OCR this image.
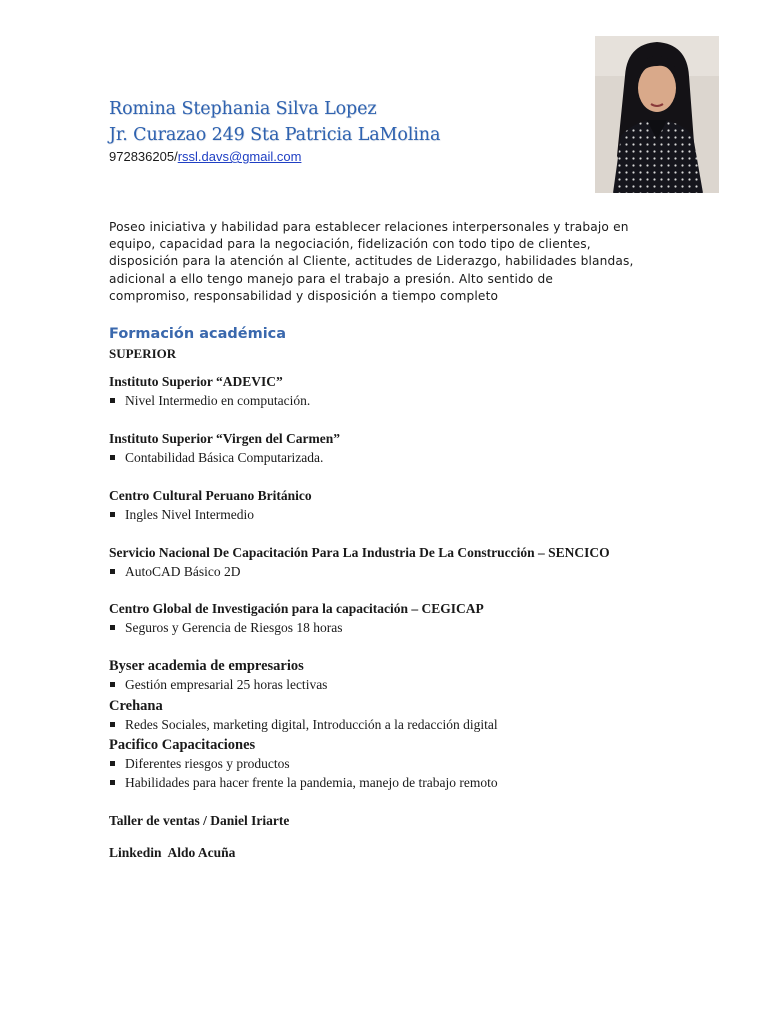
Romina Stephania Silva Lopez
Jr. Curazao 249 Sta Patricia LaMolina
972836205/rssl.davs@gmail.com
Poseo iniciativa y habilidad para establecer relaciones interpersonales y trabajo en
equipo, capacidad para la negociación, fidelización con todo tipo de clientes,
disposición para la atención al Cliente, actitudes de Liderazgo, habilidades blandas,
adicional a ello tengo manejo para el trabajo a presión. Alto sentido de
compromiso, responsabilidad y disposición a tiempo completo
Formación académica
SUPERIOR
Instituto Superior “ADEVIC”
Nivel Intermedio en computación.
Instituto Superior “Virgen del Carmen”
Contabilidad Básica Computarizada.
Centro Cultural Peruano Británico
Ingles Nivel Intermedio
Servicio Nacional De Capacitación Para La Industria De La Construcción – SENCICO
AutoCAD Básico 2D
Centro Global de Investigación para la capacitación – CEGICAP
Seguros y Gerencia de Riesgos 18 horas
Byser academia de empresarios
Gestión empresarial 25 horas lectivas
Crehana
Redes Sociales, marketing digital, Introducción a la redacción digital
Pacifico Capacitaciones
Diferentes riesgos y productos
Habilidades para hacer frente la pandemia, manejo de trabajo remoto
Taller de ventas / Daniel Iriarte
Linkedin  Aldo Acuña
